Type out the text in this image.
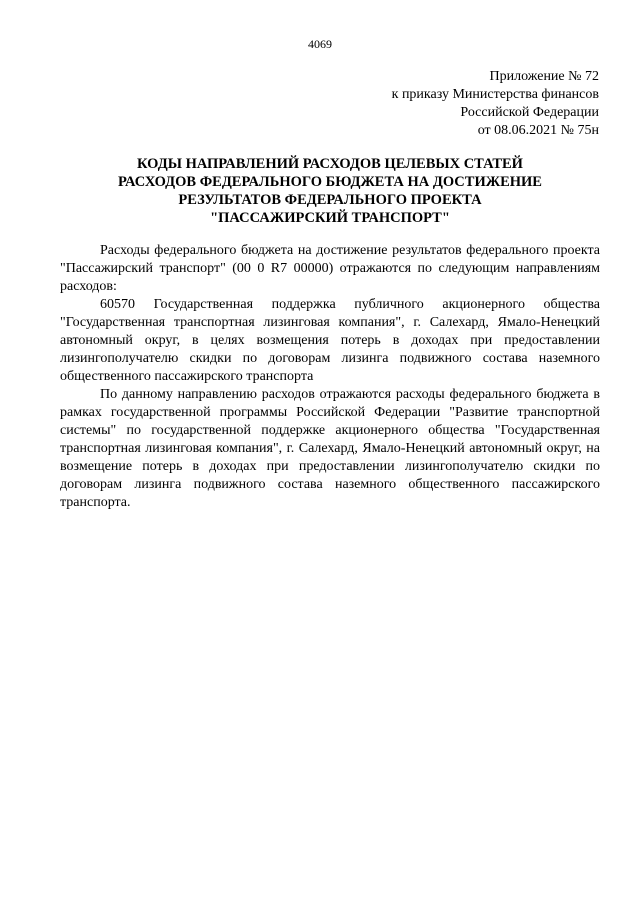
4069
Приложение № 72
к приказу Министерства финансов
Российской Федерации
от 08.06.2021 № 75н
КОДЫ НАПРАВЛЕНИЙ РАСХОДОВ ЦЕЛЕВЫХ СТАТЕЙ
РАСХОДОВ ФЕДЕРАЛЬНОГО БЮДЖЕТА НА ДОСТИЖЕНИЕ
РЕЗУЛЬТАТОВ ФЕДЕРАЛЬНОГО ПРОЕКТА
"ПАССАЖИРСКИЙ ТРАНСПОРТ"

Расходы федерального бюджета на достижение результатов федерального проекта "Пассажирский транспорт" (00 0 R7 00000) отражаются по следующим направлениям расходов:

60570 Государственная поддержка публичного акционерного общества "Государственная транспортная лизинговая компания", г. Салехард, Ямало-Ненецкий автономный округ, в целях возмещения потерь в доходах при предоставлении лизингополучателю скидки по договорам лизинга подвижного состава наземного общественного пассажирского транспорта

По данному направлению расходов отражаются расходы федерального бюджета в рамках государственной программы Российской Федерации "Развитие транспортной системы" по государственной поддержке акционерного общества "Государственная транспортная лизинговая компания", г. Салехард, Ямало-Ненецкий автономный округ, на возмещение потерь в доходах при предоставлении лизингополучателю скидки по договорам лизинга подвижного состава наземного общественного пассажирского транспорта.
